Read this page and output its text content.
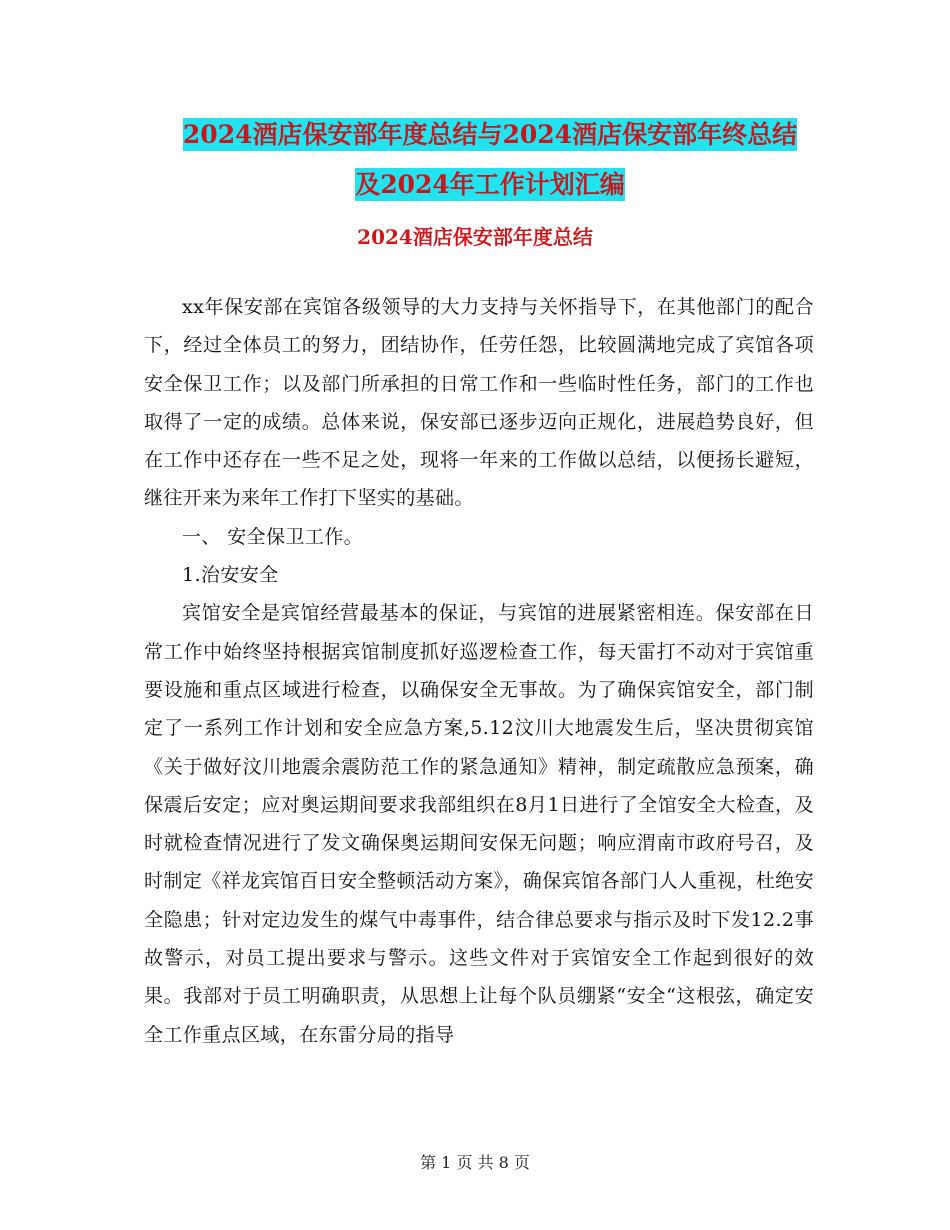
2024酒店保安部年度总结与2024酒店保安部年终总结
及2024年工作计划汇编
2024酒店保安部年度总结

xx年保安部在宾馆各级领导的大力支持与关怀指导下，在其他部门的配合下，经过全体员工的努力，团结协作，任劳任怨，比较圆满地完成了宾馆各项安全保卫工作；以及部门所承担的日常工作和一些临时性任务，部门的工作也取得了一定的成绩。总体来说，保安部已逐步迈向正规化，进展趋势良好，但在工作中还存在一些不足之处，现将一年来的工作做以总结，以便扬长避短，继往开来为来年工作打下坚实的基础。

一、 安全保卫工作。

1.治安安全

宾馆安全是宾馆经营最基本的保证，与宾馆的进展紧密相连。保安部在日常工作中始终坚持根据宾馆制度抓好巡逻检查工作，每天雷打不动对于宾馆重要设施和重点区域进行检查，以确保安全无事故。为了确保宾馆安全，部门制定了一系列工作计划和安全应急方案,5.12汶川大地震发生后，坚决贯彻宾馆《关于做好汶川地震余震防范工作的紧急通知》精神，制定疏散应急预案，确保震后安定；应对奥运期间要求我部组织在8月1日进行了全馆安全大检查，及时就检查情况进行了发文确保奥运期间安保无问题；响应渭南市政府号召，及时制定《祥龙宾馆百日安全整顿活动方案》，确保宾馆各部门人人重视，杜绝安全隐患；针对定边发生的煤气中毒事件，结合律总要求与指示及时下发12.2事故警示，对员工提出要求与警示。这些文件对于宾馆安全工作起到很好的效果。我部对于员工明确职责，从思想上让每个队员绷紧“安全“这根弦，确定安全工作重点区域，在东雷分局的指导

第 1 页 共 8 页
